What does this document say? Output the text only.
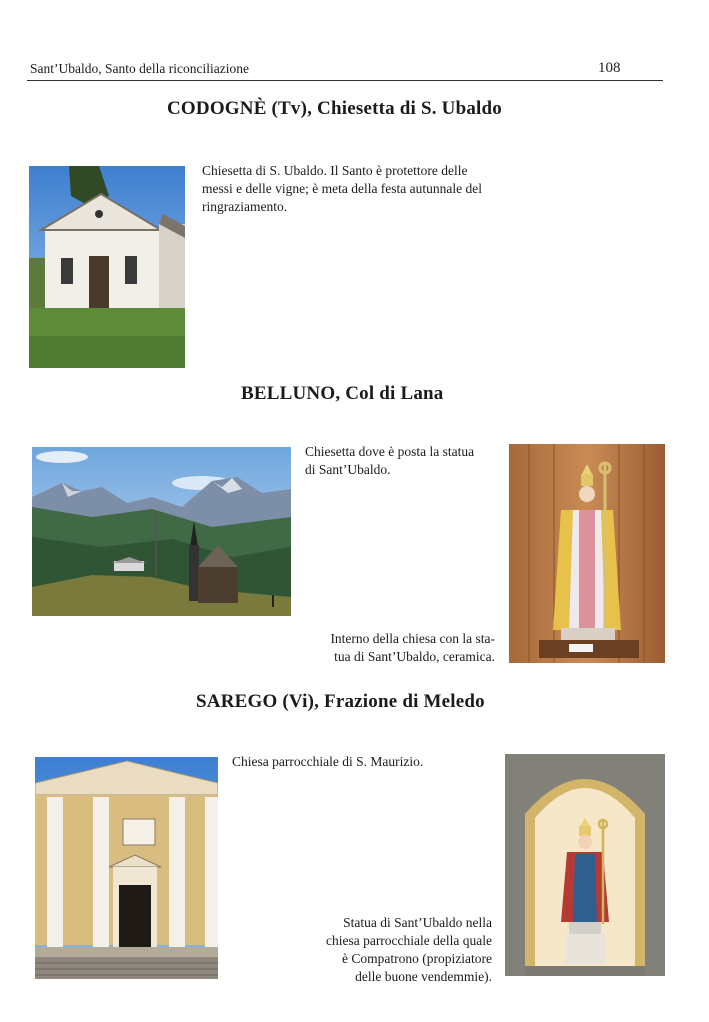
Sant’Ubaldo, Santo della riconciliazione	108
CODOGNÈ (Tv), Chiesetta di S. Ubaldo
Chiesetta di S. Ubaldo. Il Santo è protettore delle
messi e delle vigne; è meta della festa autunnale del
ringraziamento.
BELLUNO, Col di Lana
Chiesetta dove è posta la statua
di Sant’Ubaldo.
Interno della chiesa con la sta-
tua di Sant’Ubaldo, ceramica.
SAREGO (Vi), Frazione di Meledo
Chiesa parrocchiale di S. Maurizio.
Statua di Sant’Ubaldo nella
chiesa parrocchiale della quale
è Compatrono (propiziatore
delle buone vendemmie).
